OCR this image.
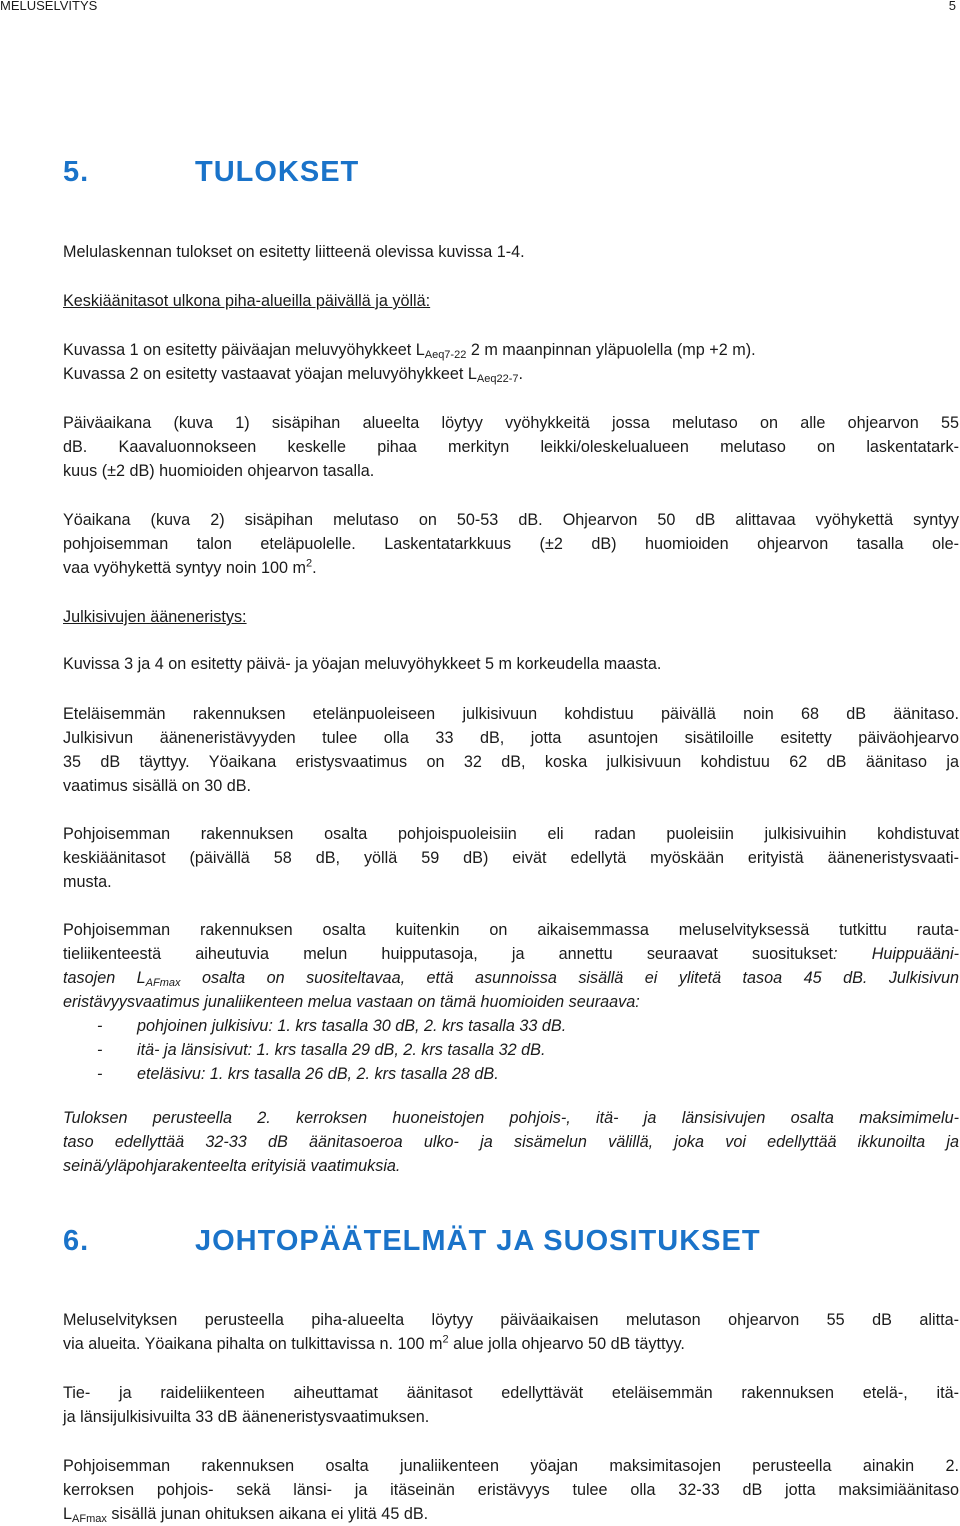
MELUSELVITYS	5
5.	TULOKSET

Melulaskennan tulokset on esitetty liitteenä olevissa kuvissa 1-4.

Keskiäänitasot ulkona piha-alueilla päivällä ja yöllä:

Kuvassa 1 on esitetty päiväajan meluvyöhykkeet $L_{Aeq7-22}$ 2 m maanpinnan yläpuolella (mp +2 m).
Kuvassa 2 on esitetty vastaavat yöajan meluvyöhykkeet $L_{Aeq22-7}$.

Päiväaikana (kuva 1) sisäpihan alueelta löytyy vyöhykkeitä jossa melutaso on alle ohjearvon 55
dB. Kaavaluonnokseen keskelle pihaa merkityn leikki/oleskelualueen melutaso on laskentatark-
kuus (±2 dB) huomioiden ohjearvon tasalla.

Yöaikana (kuva 2) sisäpihan melutaso on 50-53 dB. Ohjearvon 50 dB alittavaa vyöhykettä syntyy
pohjoisemman talon eteläpuolelle. Laskentatarkkuus (±2 dB) huomioiden ohjearvon tasalla ole-
vaa vyöhykettä syntyy noin 100 $m^2$.

Julkisivujen ääneneristys:

Kuvissa 3 ja 4 on esitetty päivä- ja yöajan meluvyöhykkeet 5 m korkeudella maasta.

Eteläisemmän rakennuksen etelänpuoleiseen julkisivuun kohdistuu päivällä noin 68 dB äänitaso.
Julkisivun ääneneristävyyden tulee olla 33 dB, jotta asuntojen sisätiloille esitetty päiväohjearvo
35 dB täyttyy. Yöaikana eristysvaatimus on 32 dB, koska julkisivuun kohdistuu 62 dB äänitaso ja
vaatimus sisällä on 30 dB.

Pohjoisemman rakennuksen osalta pohjoispuoleisiin eli radan puoleisiin julkisivuihin kohdistuvat
keskiäänitasot (päivällä 58 dB, yöllä 59 dB) eivät edellytä myöskään erityistä ääneneristysvaati-
musta.

Pohjoisemman rakennuksen osalta kuitenkin on aikaisemmassa meluselvityksessä tutkittu rauta-
tieliikenteestä aiheutuvia melun huipputasoja, ja annettu seuraavat suositukset: Huippuääni-
tasojen $L_{AFmax}$ osalta on suositeltavaa, että asunnoissa sisällä ei ylitetä tasoa 45 dB. Julkisivun
eristävyysvaatimus junaliikenteen melua vastaan on tämä huomioiden seuraava:
- pohjoinen julkisivu: 1. krs tasalla 30 dB, 2. krs tasalla 33 dB.
- itä- ja länsisivut: 1. krs tasalla 29 dB, 2. krs tasalla 32 dB.
- eteläsivu: 1. krs tasalla 26 dB, 2. krs tasalla 28 dB.

Tuloksen perusteella 2. kerroksen huoneistojen pohjois-, itä- ja länsisivujen osalta maksimimelu-
taso edellyttää 32-33 dB äänitasoeroa ulko- ja sisämelun välillä, joka voi edellyttää ikkunoilta ja
seinä/yläpohjarakenteelta erityisiä vaatimuksia.

6.	JOHTOPÄÄTELMÄT JA SUOSITUKSET

Meluselvityksen perusteella piha-alueelta löytyy päiväaikaisen melutason ohjearvon 55 dB alitta-
via alueita. Yöaikana pihalta on tulkittavissa n. 100 $m^2$ alue jolla ohjearvo 50 dB täyttyy.

Tie- ja raideliikenteen aiheuttamat äänitasot edellyttävät eteläisemmän rakennuksen etelä-, itä-
ja länsijulkisivuilta 33 dB ääneneristysvaatimuksen.

Pohjoisemman rakennuksen osalta junaliikenteen yöajan maksimitasojen perusteella ainakin 2.
kerroksen pohjois- sekä länsi- ja itäseinän eristävyys tulee olla 32-33 dB jotta maksimiäänitaso
$L_{AFmax}$ sisällä junan ohituksen aikana ei ylitä 45 dB.
